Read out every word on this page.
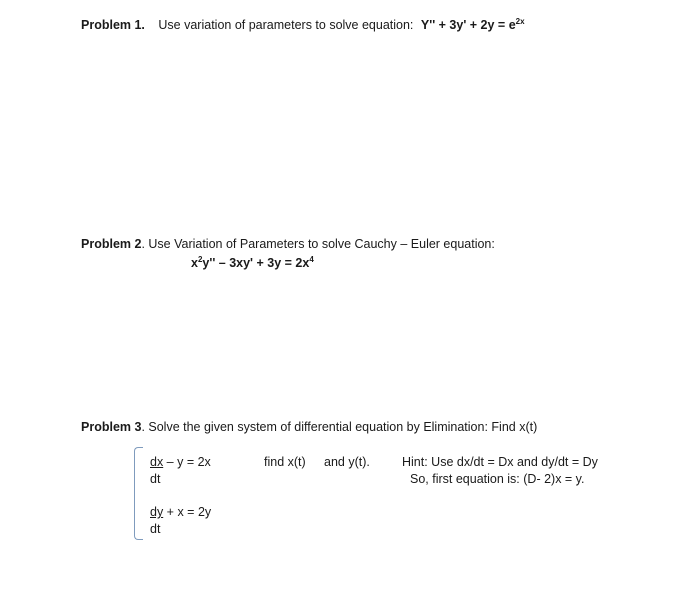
Problem 1. Use variation of parameters to solve equation: $Y'' + 3y' + 2y = e^{2x}$
Problem 2. Use Variation of Parameters to solve Cauchy – Euler equation:
$x^2y'' - 3xy' + 3y = 2x^4$
Problem 3. Solve the given system of differential equation by Elimination: Find x(t)
dx – y = 2x
dt
dy + x = 2y
dt
find x(t) and y(t).	Hint: Use dx/dt = Dx and dy/dt = Dy
So, first equation is: (D- 2)x = y.
